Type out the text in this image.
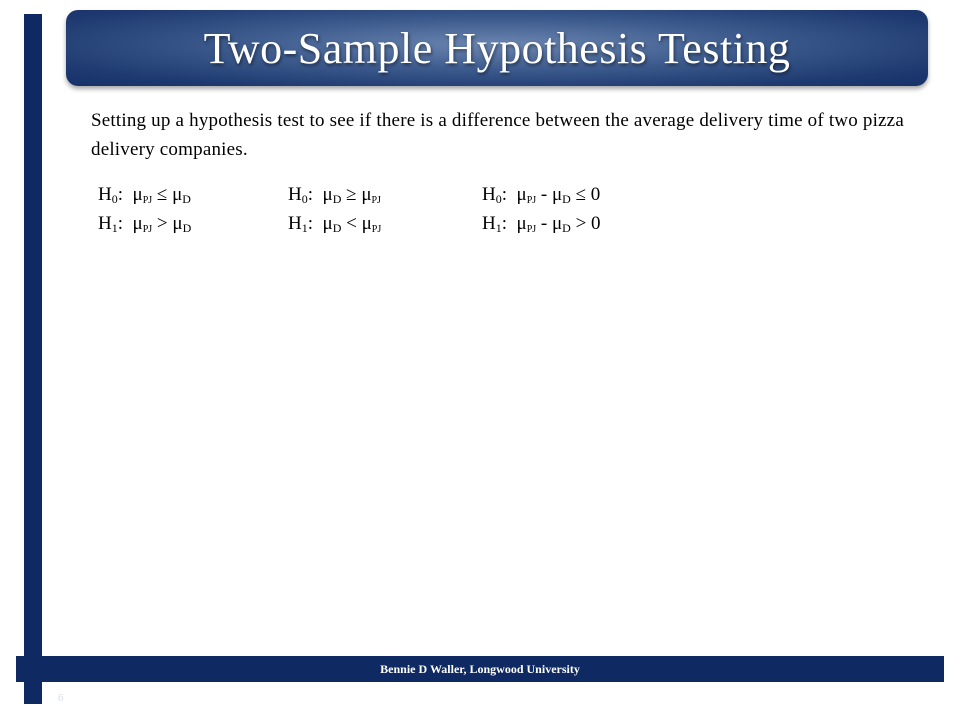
Two-Sample Hypothesis Testing
Setting up a hypothesis test to see if there is a difference between the average delivery time of two pizza delivery companies.
$H_0$: $\mu_{PJ} \le \mu_D$
$H_1$: $\mu_{PJ} > \mu_D$
$H_0$: $\mu_D \ge \mu_{PJ}$
$H_1$: $\mu_D < \mu_{PJ}$
$H_0$: $\mu_{PJ} - \mu_D \le 0$
$H_1$: $\mu_{PJ} - \mu_D > 0$
Bennie D Waller, Longwood University
6
